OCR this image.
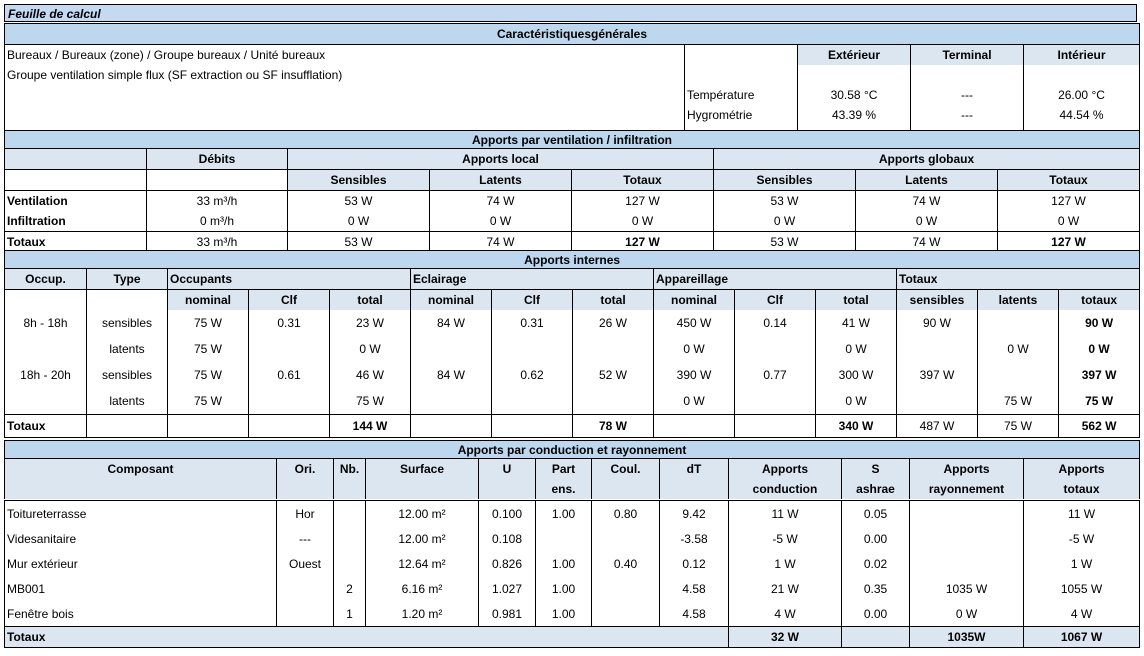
Feuille de calcul
Caractéristiquesgénérales				
Bureaux / Bureaux (zone) / Groupe bureaux / Unité bureaux		Extérieur	Terminal	Intérieur
Groupe ventilation simple flux (SF extraction ou SF insufflation)				
	Température	30.58 °C	---	26.00 °C
	Hygrométrie	43.39 %	---	44.54 %

Apports par ventilation / infiltration							
	Débits	Apports local			Apports globaux		
		Sensibles	Latents	Totaux	Sensibles	Latents	Totaux
Ventilation	33 m³/h	53 W	74 W	127 W	53 W	74 W	127 W
Infiltration	0 m³/h	0 W	0 W	0 W	0 W	0 W	0 W
Totaux	33 m³/h	53 W	74 W	127 W	53 W	74 W	127 W
Apports internes													
Occup.	Type	Occupants			Eclairage			Appareillage			Totaux		
		nominal	Clf	total	nominal	Clf	total	nominal	Clf	total	sensibles	latents	totaux
8h - 18h	sensibles	75 W	0.31	23 W	84 W	0.31	26 W	450 W	0.14	41 W	90 W		90 W
	latents	75 W		0 W				0 W		0 W		0 W	0 W
18h - 20h	sensibles	75 W	0.61	46 W	84 W	0.62	52 W	390 W	0.77	300 W	397 W		397 W
	latents	75 W		75 W				0 W		0 W		75 W	75 W
Totaux				144 W			78 W			340 W	487 W	75 W	562 W
Apports par conduction et rayonnement											
Composant	Ori.	Nb.	Surface	U	Part	Coul.	dT	Apports	S	Apports	Apports
					ens.			conduction	ashrae	rayonnement	totaux
Toitureterrasse	Hor		12.00 m²	0.100	1.00	0.80	9.42	11 W	0.05		11 W
Videsanitaire	---		12.00 m²	0.108			-3.58	-5 W	0.00		-5 W
Mur extérieur	Ouest		12.64 m²	0.826	1.00	0.40	0.12	1 W	0.02		1 W
MB001		2	6.16 m²	1.027	1.00		4.58	21 W	0.35	1035 W	1055 W
Fenêtre bois		1	1.20 m²	0.981	1.00		4.58	4 W	0.00	0 W	4 W
Totaux								32 W		1035W	1067 W
